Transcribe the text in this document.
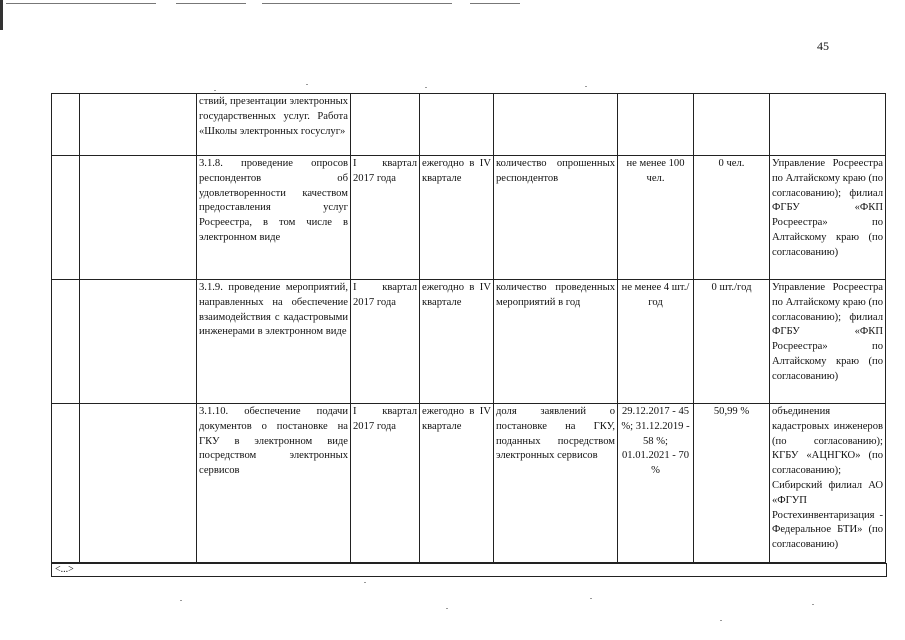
45
		ствий, презентации электронных государственных услуг. Работа «Школы электронных госуслуг»						
		3.1.8. проведение опросов респондентов об удовлетворенности качеством предоставления услуг Росреестра, в том числе в электронном виде	I квартал 2017 года	ежегодно в IV квартале	количество опрошенных респондентов	не менее 100 чел.	0 чел.	Управление Росреестра по Алтайскому краю (по согласованию); филиал ФГБУ «ФКП Росреестра» по Алтайскому краю (по согласованию)
		3.1.9. проведение мероприятий, направленных на обеспечение взаимодействия с кадастровыми инженерами в электронном виде	I квартал 2017 года	ежегодно в IV квартале	количество проведенных мероприятий в год	не менее 4 шт./год	0 шт./год	Управление Росреестра по Алтайскому краю (по согласованию); филиал ФГБУ «ФКП Росреестра» по Алтайскому краю (по согласованию)
		3.1.10. обеспечение подачи документов о постановке на ГКУ в электронном виде посредством электронных сервисов	I квартал 2017 года	ежегодно в IV квартале	доля заявлений о постановке на ГКУ, поданных посредством электронных сервисов	29.12.2017 - 45 %; 31.12.2019 - 58 %; 01.01.2021 - 70 %	50,99 %	объединения кадастровых инженеров (по согласованию); КГБУ «АЦНГКО» (по согласованию); Сибирский филиал АО «ФГУП Ростехинвентаризация - Федеральное БТИ» (по согласованию)
<...>
